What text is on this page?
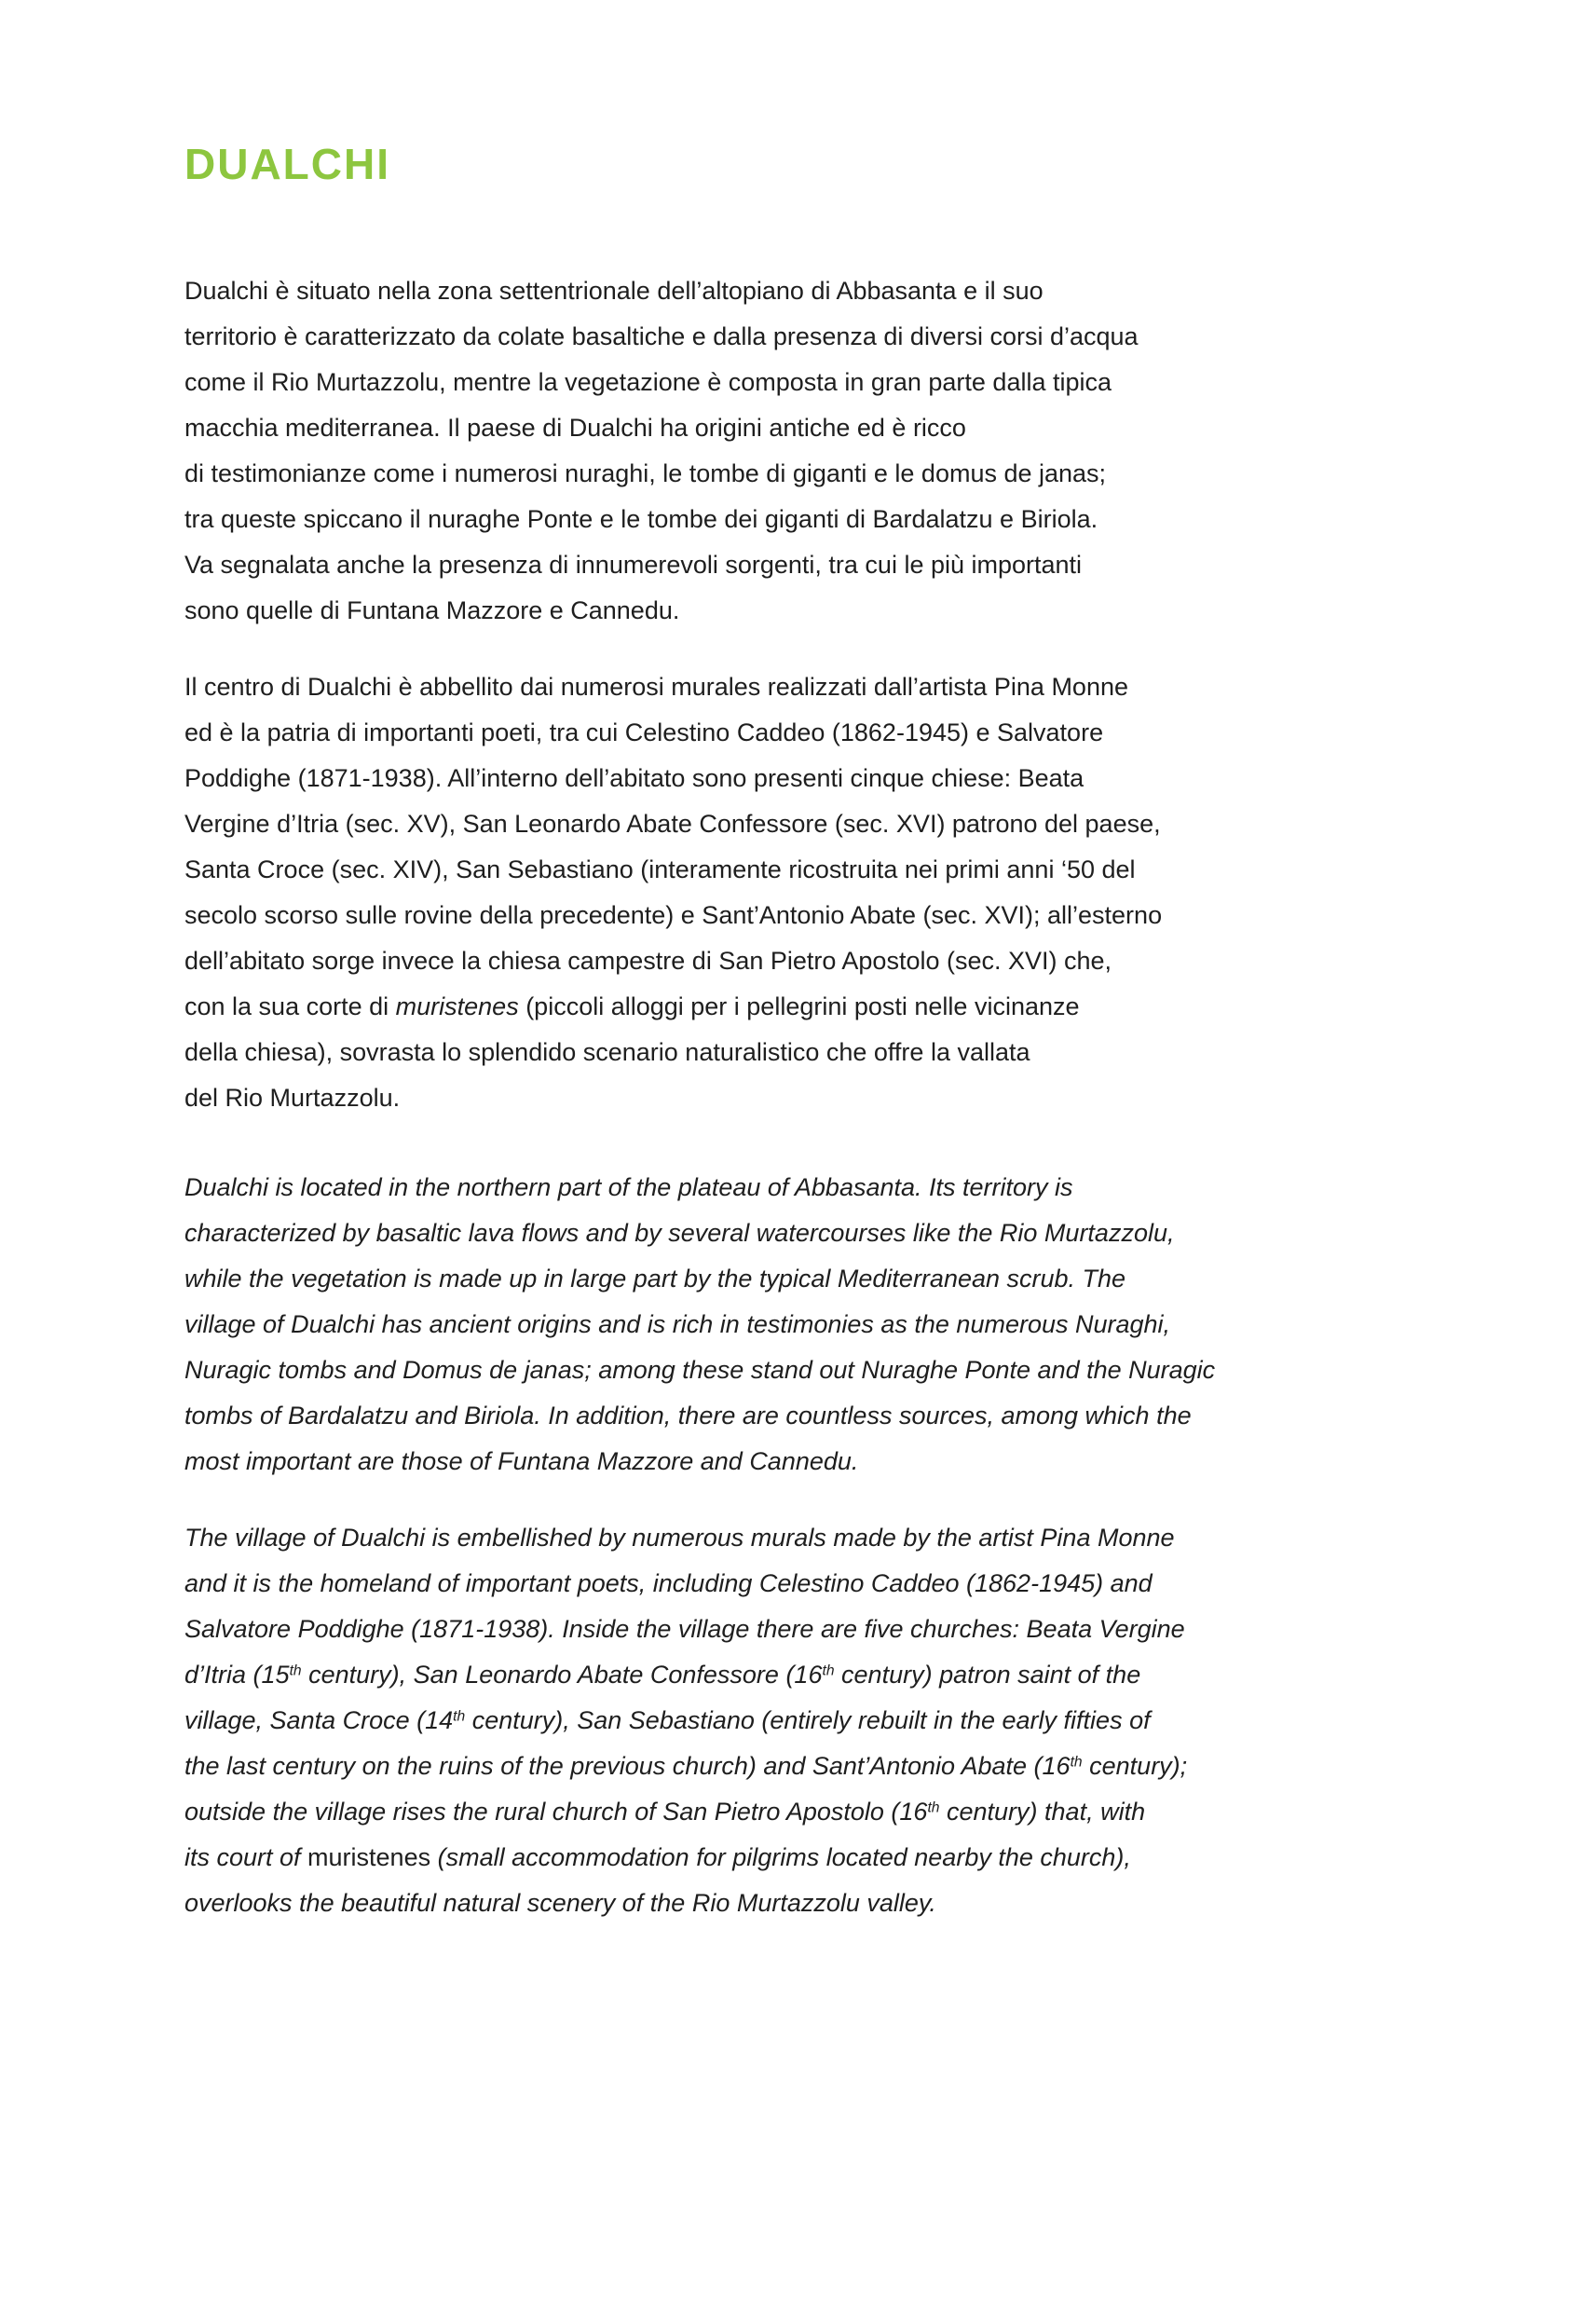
DUALCHI

Dualchi è situato nella zona settentrionale dell’altopiano di Abbasanta e il suo
territorio è caratterizzato da colate basaltiche e dalla presenza di diversi corsi d’acqua
come il Rio Murtazzolu, mentre la vegetazione è composta in gran parte dalla tipica
macchia mediterranea. Il paese di Dualchi ha origini antiche ed è ricco
di testimonianze come i numerosi nuraghi, le tombe di giganti e le domus de janas;
tra queste spiccano il nuraghe Ponte e le tombe dei giganti di Bardalatzu e Biriola.
Va segnalata anche la presenza di innumerevoli sorgenti, tra cui le più importanti
sono quelle di Funtana Mazzore e Cannedu.

Il centro di Dualchi è abbellito dai numerosi murales realizzati dall’artista Pina Monne
ed è la patria di importanti poeti, tra cui Celestino Caddeo (1862-1945) e Salvatore
Poddighe (1871-1938). All’interno dell’abitato sono presenti cinque chiese: Beata
Vergine d’Itria (sec. XV), San Leonardo Abate Confessore (sec. XVI) patrono del paese,
Santa Croce (sec. XIV), San Sebastiano (interamente ricostruita nei primi anni ‘50 del
secolo scorso sulle rovine della precedente) e Sant’Antonio Abate (sec. XVI); all’esterno
dell’abitato sorge invece la chiesa campestre di San Pietro Apostolo (sec. XVI) che,
con la sua corte di muristenes (piccoli alloggi per i pellegrini posti nelle vicinanze
della chiesa), sovrasta lo splendido scenario naturalistico che offre la vallata
del Rio Murtazzolu.

Dualchi is located in the northern part of the plateau of Abbasanta. Its territory is
characterized by basaltic lava flows and by several watercourses like the Rio Murtazzolu,
while the vegetation is made up in large part by the typical Mediterranean scrub. The
village of Dualchi has ancient origins and is rich in testimonies as the numerous Nuraghi,
Nuragic tombs and Domus de janas; among these stand out Nuraghe Ponte and the Nuragic
tombs of Bardalatzu and Biriola. In addition, there are countless sources, among which the
most important are those of Funtana Mazzore and Cannedu.

The village of Dualchi is embellished by numerous murals made by the artist Pina Monne
and it is the homeland of important poets, including Celestino Caddeo (1862-1945) and
Salvatore Poddighe (1871-1938). Inside the village there are five churches: Beata Vergine
d’Itria (15th century), San Leonardo Abate Confessore (16th century) patron saint of the
village, Santa Croce (14th century), San Sebastiano (entirely rebuilt in the early fifties of
the last century on the ruins of the previous church) and Sant’Antonio Abate (16th century);
outside the village rises the rural church of San Pietro Apostolo (16th century) that, with
its court of muristenes (small accommodation for pilgrims located nearby the church),
overlooks the beautiful natural scenery of the Rio Murtazzolu valley.
